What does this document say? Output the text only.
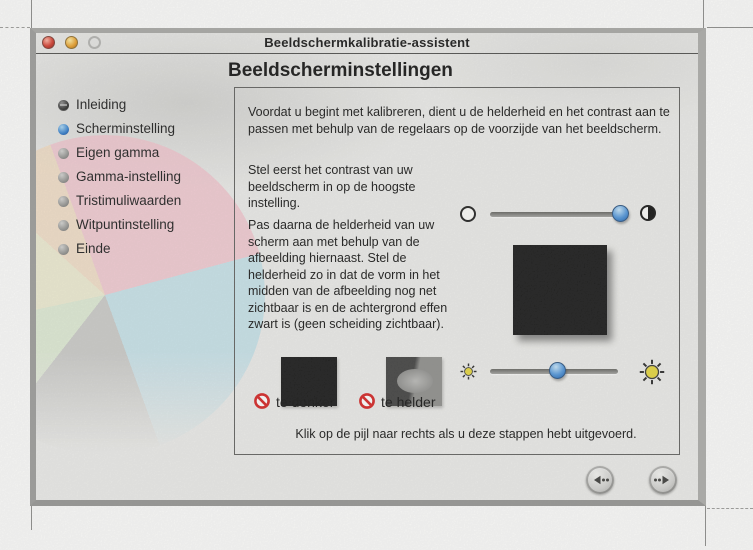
Beeldschermkalibratie-assistent
Beeldscherminstellingen
Inleiding
Scherminstelling
Eigen gamma
Gamma-instelling
Tristimuliwaarden
Witpuntinstelling
Einde

Voordat u begint met kalibreren, dient u de helderheid en het contrast aan te passen met behulp van de regelaars op de voorzijde van het beeldscherm.

Stel eerst het contrast van uw beeldscherm in op de hoogste instelling.

Pas daarna de helderheid van uw scherm aan met behulp van de afbeelding hiernaast. Stel de helderheid zo in dat de vorm in het midden van de afbeelding nog net zichtbaar is en de achtergrond effen zwart is (geen scheiding zichtbaar).

te donker	te helder

Klik op de pijl naar rechts als u deze stappen hebt uitgevoerd.
